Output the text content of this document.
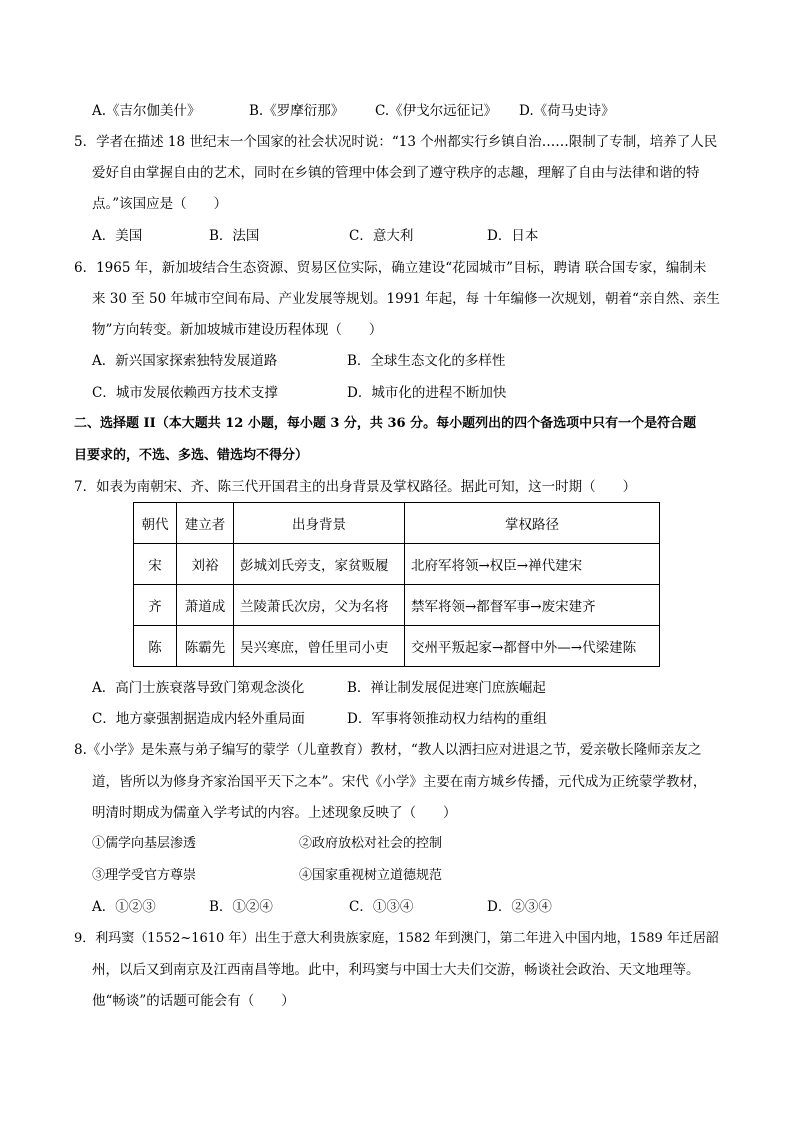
A.《吉尔伽美什》	B.《罗摩衍那》 C.《伊戈尔远征记》 D.《荷马史诗》
5．学者在描述 18 世纪末一个国家的社会状况时说：“13 个州都实行乡镇自治……限制了专制，培养了人民
爱好自由掌握自由的艺术，同时在乡镇的管理中体会到了遵守秩序的志趣，理解了自由与法律和谐的特
点。”该国应是（　　）
A．美国	B．法国	C．意大利	D．日本
6．1965 年，新加坡结合生态资源、贸易区位实际，确立建设“花园城市”目标，聘请 联合国专家，编制未
来 30 至 50 年城市空间布局、产业发展等规划。1991 年起，每 十年编修一次规划，朝着“亲自然、亲生
物”方向转变。新加坡城市建设历程体现（　　）
A．新兴国家探索独特发展道路	B．全球生态文化的多样性
C．城市发展依赖西方技术支撑	D．城市化的进程不断加快
二、选择题 II（本大题共 12 小题，每小题 3 分，共 36 分。每小题列出的四个备选项中只有一个是符合题
目要求的，不选、多选、错选均不得分）
7．如表为南朝宋、齐、陈三代开国君主的出身背景及掌权路径。据此可知，这一时期（　　）
朝代	建立者	出身背景	掌权路径
宋	刘裕	彭城刘氏旁支，家贫贩履	北府军将领→权臣→禅代建宋
齐	萧道成	兰陵萧氏次房，父为名将	禁军将领→都督军事→废宋建齐
陈	陈霸先	吴兴寒庶，曾任里司小吏	交州平叛起家→都督中外—→代梁建陈
A．高门士族衰落导致门第观念淡化	B．禅让制发展促进寒门庶族崛起
C．地方豪强割据造成内轻外重局面	D．军事将领推动权力结构的重组
8.《小学》是朱熹与弟子编写的蒙学（儿童教育）教材，“教人以洒扫应对进退之节，爱亲敬长隆师亲友之
道，皆所以为修身齐家治国平天下之本”。宋代《小学》主要在南方城乡传播，元代成为正统蒙学教材，
明清时期成为儒童入学考试的内容。上述现象反映了（　　）
①儒学向基层渗透	②政府放松对社会的控制
③理学受官方尊崇	④国家重视树立道德规范
A．①②③	B．①②④	C．①③④	D．②③④
9．利玛窦（1552~1610 年）出生于意大利贵族家庭，1582 年到澳门，第二年进入中国内地，1589 年迁居韶
州，以后又到南京及江西南昌等地。此中，利玛窦与中国士大夫们交游，畅谈社会政治、天文地理等。
他“畅谈”的话题可能会有（　　）
